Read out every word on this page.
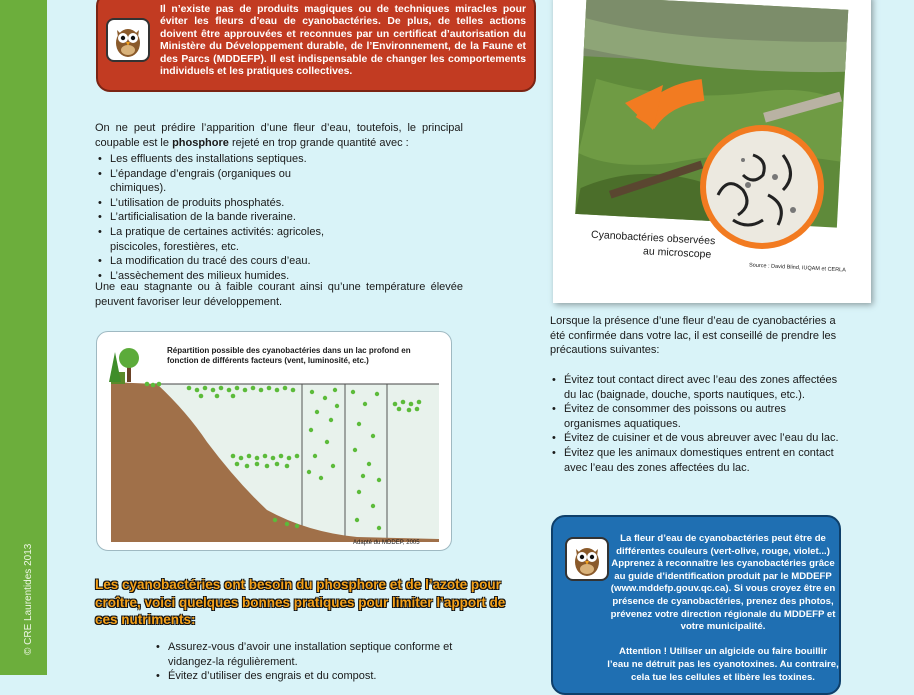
© CRE Laurentides 2013

Il n’existe pas de produits magiques ou de techniques miracles pour éviter les fleurs d’eau de cyanobactéries. De plus, de telles actions doivent être approuvées et reconnues par un certificat d’autorisation du Ministère du Développement durable, de l’Environnement, de la Faune et des Parcs (MDDEFP). Il est indispensable de changer les comportements individuels et les pratiques collectives.

On ne peut prédire l’apparition d’une fleur d’eau, toutefois, le principal coupable est le phosphore rejeté en trop grande quantité avec :

• Les effluents des installations septiques.
• L’épandage d’engrais (organiques ou chimiques).
• L’utilisation de produits phosphatés.
• L’artificialisation de la bande riveraine.
• La pratique de certaines activités: agricoles, piscicoles, forestières, etc.
• La modification du tracé des cours d’eau.
• L’assèchement des milieux humides.

Une eau stagnante ou à faible courant ainsi qu’une température élevée peuvent favoriser leur développement.

Cyanobactéries observées
au microscope
Source : David Blind, IUQAM et CERLA

Lorsque la présence d’une fleur d’eau de cyanobactéries a été confirmée dans votre lac, il est conseillé de prendre les précautions suivantes:

• Évitez tout contact direct avec l’eau des zones affectées du lac (baignade, douche, sports nautiques, etc.).
• Évitez de consommer des poissons ou autres organismes aquatiques.
• Évitez de cuisiner et de vous abreuver avec l’eau du lac.
• Évitez que les animaux domestiques entrent en contact avec l’eau des zones affectées du lac.
Répartition possible des cyanobactéries dans un lac profond en fonction de différents facteurs (vent, luminosité, etc.)
Adapté du MDDEP, 2005

Les cyanobactéries ont besoin du phosphore et de l’azote pour croître, voici quelques bonnes pratiques pour limiter l’apport de ces nutriments:

• Assurez-vous d’avoir une installation septique conforme et vidangez-la régulièrement.
• Évitez d’utiliser des engrais et du compost.

La fleur d’eau de cyanobactéries peut être de différentes couleurs (vert-olive, rouge, violet...) Apprenez à reconnaître les cyanobactéries grâce au guide d’identification produit par le MDDEFP (www.mddefp.gouv.qc.ca). Si vous croyez être en présence de cyanobactéries, prenez des photos, prévenez votre direction régionale du MDDEFP et votre municipalité.

Attention ! Utiliser un algicide ou faire bouillir l’eau ne détruit pas les cyanotoxines. Au contraire, cela tue les cellules et libère les toxines.
